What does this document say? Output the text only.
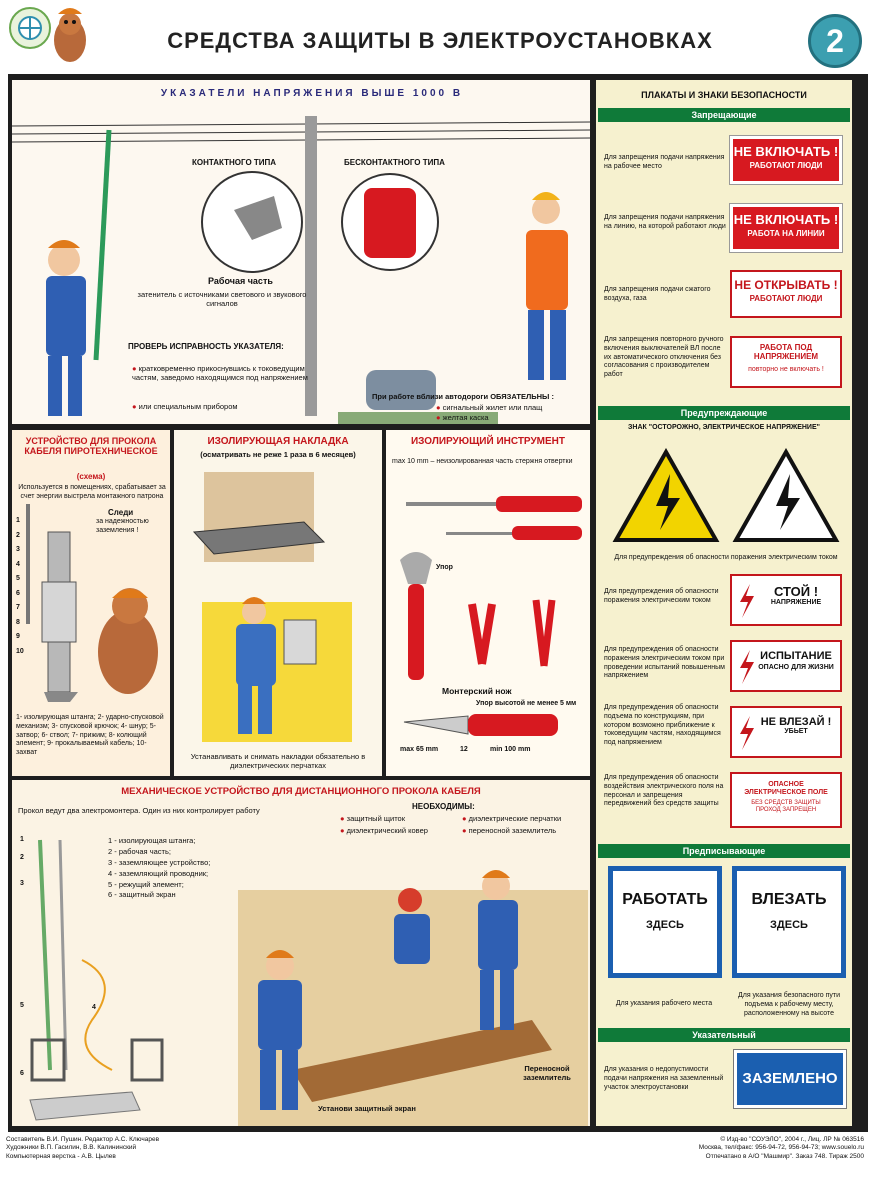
СРЕДСТВА ЗАЩИТЫ В ЭЛЕКТРОУСТАНОВКАХ	2
УКАЗАТЕЛИ НАПРЯЖЕНИЯ ВЫШЕ 1000 В
КОНТАКТНОГО ТИПА	БЕСКОНТАКТНОГО ТИПА
Рабочая часть
затенитель с источниками светового и звукового сигналов
ПРОВЕРЬ ИСПРАВНОСТЬ УКАЗАТЕЛЯ:
● кратковременно прикоснувшись к токоведущим частям, заведомо находящимся под напряжением
● или специальным прибором
При работе вблизи автодороги ОБЯЗАТЕЛЬНЫ :
● сигнальный жилет или плащ
● желтая каска
УСТРОЙСТВО ДЛЯ ПРОКОЛА КАБЕЛЯ ПИРОТЕХНИЧЕСКОЕ
(схема)
Используется в помещениях, срабатывает за счет энергии выстрела монтажного патрона
Следи
за надежностью заземления !
1
2
3
4
5
6
7
8
9
10
1- изолирующая штанга; 2- ударно-спусковой механизм; 3- спусковой крючок; 4- шнур; 5- затвор; 6- ствол; 7- прижим; 8- колющий элемент; 9- прокалываемый кабель; 10- захват
ИЗОЛИРУЮЩАЯ НАКЛАДКА
(осматривать не реже 1 раза в 6 месяцев)
Устанавливать и снимать накладки обязательно в диэлектрических перчатках
ИЗОЛИРУЮЩИЙ ИНСТРУМЕНТ
max 10 mm – неизолированная часть стержня отвертки
Упор
Монтерский нож
Упор высотой не менее 5 мм
max 65 mm	12	min 100 mm
МЕХАНИЧЕСКОЕ УСТРОЙСТВО ДЛЯ ДИСТАНЦИОННОГО ПРОКОЛА КАБЕЛЯ
Прокол ведут два электромонтера. Один из них контролирует работу
1 - изолирующая штанга;
2 - рабочая часть;
3 - заземляющее устройство;
4 - заземляющий проводник;
5 - режущий элемент;
6 - защитный экран
НЕОБХОДИМЫ:
● защитный щиток
● диэлектрический ковер
● диэлектрические перчатки
● переносной заземлитель
1
2
3
4
5
6
Установи защитный экран
Переносной заземлитель
ПЛАКАТЫ И ЗНАКИ БЕЗОПАСНОСТИ
Запрещающие
Для запрещения подачи напряжения на рабочее место
НЕ ВКЛЮЧАТЬ !
РАБОТАЮТ ЛЮДИ
Для запрещения подачи напряжения на линию, на которой работают люди НЕ ВКЛЮЧАТЬ !
РАБОТА НА ЛИНИИ
Для запрещения подачи сжатого воздуха, газа
НЕ ОТКРЫВАТЬ !
РАБОТАЮТ ЛЮДИ
Для запрещения повторного ручного включения выключателей ВЛ после их автоматического отключения без согласования с производителем работ
РАБОТА ПОД НАПРЯЖЕНИЕМ
повторно не включать !
Предупреждающие
ЗНАК "ОСТОРОЖНО, ЭЛЕКТРИЧЕСКОЕ НАПРЯЖЕНИЕ"
Для предупреждения об опасности поражения электрическим током
Для предупреждения об опасности поражения электрическим током
СТОЙ !
НАПРЯЖЕНИЕ
Для предупреждения об опасности поражения электрическим током при проведении испытаний повышенным напряжением
ИСПЫТАНИЕ
ОПАСНО ДЛЯ ЖИЗНИ
Для предупреждения об опасности подъема по конструкциям, при котором возможно приближение к токоведущим частям, находящимся под напряжением
НЕ ВЛЕЗАЙ !
УБЬЕТ
Для предупреждения об опасности воздействия электрического поля на персонал и запрещения передвижений без средств защиты
ОПАСНОЕ ЭЛЕКТРИЧЕСКОЕ ПОЛЕ
БЕЗ СРЕДСТВ ЗАЩИТЫ ПРОХОД ЗАПРЕЩЕН
Предписывающие
РАБОТАТЬ
ЗДЕСЬ
ВЛЕЗАТЬ
ЗДЕСЬ
Для указания рабочего места
Для указания безопасного пути подъема к рабочему месту, расположенному на высоте
Указательный
Для указания о недопустимости подачи напряжения на заземленный участок электроустановки	ЗАЗЕМЛЕНО
Составитель В.И. Пушин. Редактор А.С. Ключарев
Художники В.П. Гасилин, В.В. Калининский
Компьютерная верстка - А.В. Цылев
© Изд-во "СОУЭЛО", 2004 г., Лиц. ЛР № 063516
Москва, тел/факс: 956-94-72, 956-94-73; www.souelo.ru
Отпечатано в А/О "Машмир". Заказ 748. Тираж 2500
